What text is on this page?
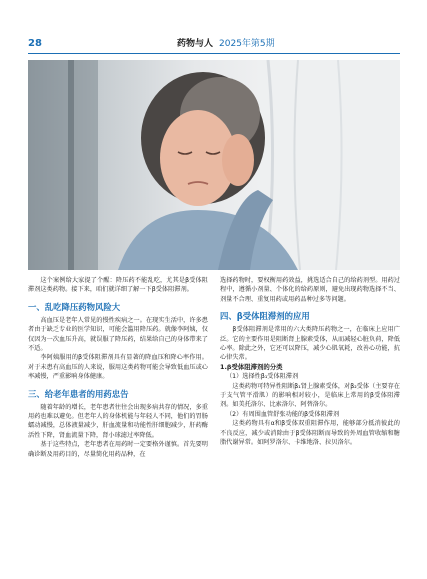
28	药物与人 2025年第5期

这个案例给大家提了个醒：降压药不能乱吃，尤其是β受体阻滞剂这类药物。接下来，咱们就详细了解一下β受体阻滞剂。

一、乱吃降压药物风险大

高血压是老年人常见的慢性疾病之一。在现实生活中，许多患者由于缺乏专业的医学知识，可能会滥用降压药。就像李阿姨，仅仅因为一次血压升高，就误服了降压药，结果给自己的身体带来了不适。

李阿姨服用的β受体阻滞剂具有显著的降血压和降心率作用。对于未患有高血压的人来说，服用这类药物可能会导致低血压或心率减慢，严重影响身体健康。

三、给老年患者的用药忠告

随着年龄的增长，老年患者往往会出现多病共存的情况，多重用药也难以避免。但老年人的身体机能与年轻人不同，他们的胃肠蠕动减慢，总体液量减少，肝血流量和功能性肝细胞减少，肝药酶活性下降，肾血流量下降，肾小球滤过率降低。

基于这些特点，老年患者在用药时一定要格外谨慎。首先要明确诊断及用药目的，尽量简化用药品种，在

选择药物时，要权衡用药效益，挑选适合自己的给药剂型。用药过程中，遵循小剂量、个体化的给药原则，避免出现药物选择不当、剂量不合理、重复用药或用药品种过多等问题。

四、β受体阻滞剂的应用

β受体阻滞剂是常用的六大类降压药物之一，在临床上应用广泛。它的主要作用是阻断肾上腺素受体，从而减轻心脏负荷，降低心率。除此之外，它还可以降压，减少心肌氧耗，改善心功能，抗心律失常。

1.β受体阻滞剂的分类

（1）选择性β₁受体阻滞剂

这类药物可特异性阻断β₁肾上腺素受体，对β₂受体（主要存在于支气管平滑肌）的影响相对较小，是临床上常用的β受体阻滞剂。如美托洛尔、比索洛尔、阿替洛尔。

（2）有周围血管舒张功能的β受体阻滞剂

这类药物具有α和β受体双重阻滞作用，能够部分抵消彼此的不良反应，减少或消除由于β受体阻断而导致的外周血管收缩和糖脂代谢异常。如阿罗洛尔、卡维地洛、拉贝洛尔。
